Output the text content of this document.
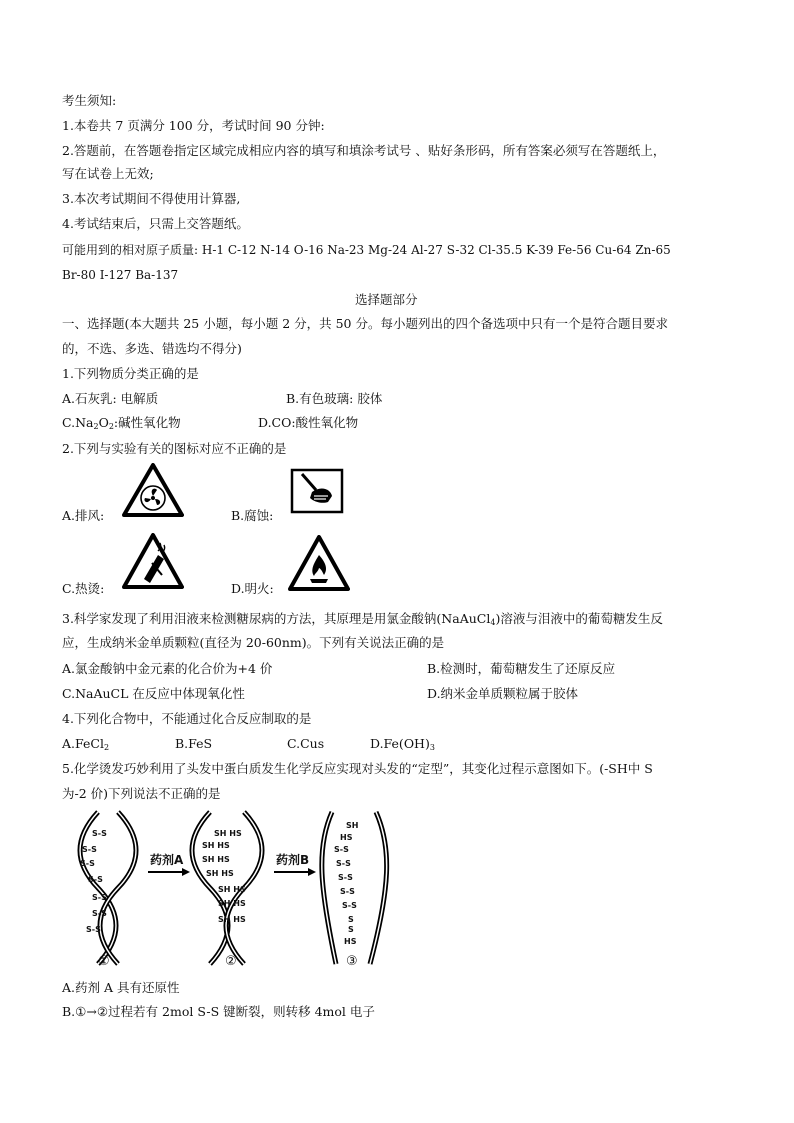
考生须知:
1.本卷共 7 页满分 100 分，考试时间 90 分钟:
2.答题前，在答题卷指定区域完成相应内容的填写和填涂考试号 、贴好条形码，所有答案必须写在答题纸上，
写在试卷上无效;
3.本次考试期间不得使用计算器,
4.考试结束后，只需上交答题纸。
可能用到的相对原子质量: H-1 C-12 N-14 O-16 Na-23 Mg-24 Al-27 S-32 Cl-35.5 K-39 Fe-56 Cu-64 Zn-65
Br-80 I-127 Ba-137
选择题部分
一、选择题(本大题共 25 小题，每小题 2 分，共 50 分。每小题列出的四个备选项中只有一个是符合题目要求
的，不选、多选、错选均不得分)
1.下列物质分类正确的是
A.石灰乳: 电解质	B.有色玻璃: 胶体
$C.Na_2O_2$:碱性氧化物	D.CO:酸性氧化物
2.下列与实验有关的图标对应不正确的是
A.排风:	B.腐蚀:
C.热烫:	D.明火:
3.科学家发现了利用泪液来检测糖尿病的方法，其原理是用氯金酸钠(NaAuCl$_4$)溶液与泪液中的葡萄糖发生反
应，生成纳米金单质颗粒(直径为 20-60nm)。下列有关说法正确的是
A.氯金酸钠中金元素的化合价为+4 价	B.检测时，葡萄糖发生了还原反应
C.NaAuCL 在反应中体现氧化性	D.纳米金单质颗粒属于胶体
4.下列化合物中，不能通过化合反应制取的是
A.FeCl$_2$	B.FeS	C.Cus	$D.Fe(OH)_3$
5.化学烫发巧妙利用了头发中蛋白质发生化学反应实现对头发的“定型”，其变化过程示意图如下。(-SH中 S
为-2 价)下列说法不正确的是
S-S
S-S
S-S
S-S
S-S
S-S
S-S
①
药剂A
SH HS
SH HS
SH HS
SH HS
SH HS
SH HS
SH HS
②
药剂B
SH
HS
S-S
S-S
S-S
S-S
S-S
S
S
HS
③
A.药剂 A 具有还原性
B.①→②过程若有 2mol S-S 键断裂，则转移 4mol 电子
